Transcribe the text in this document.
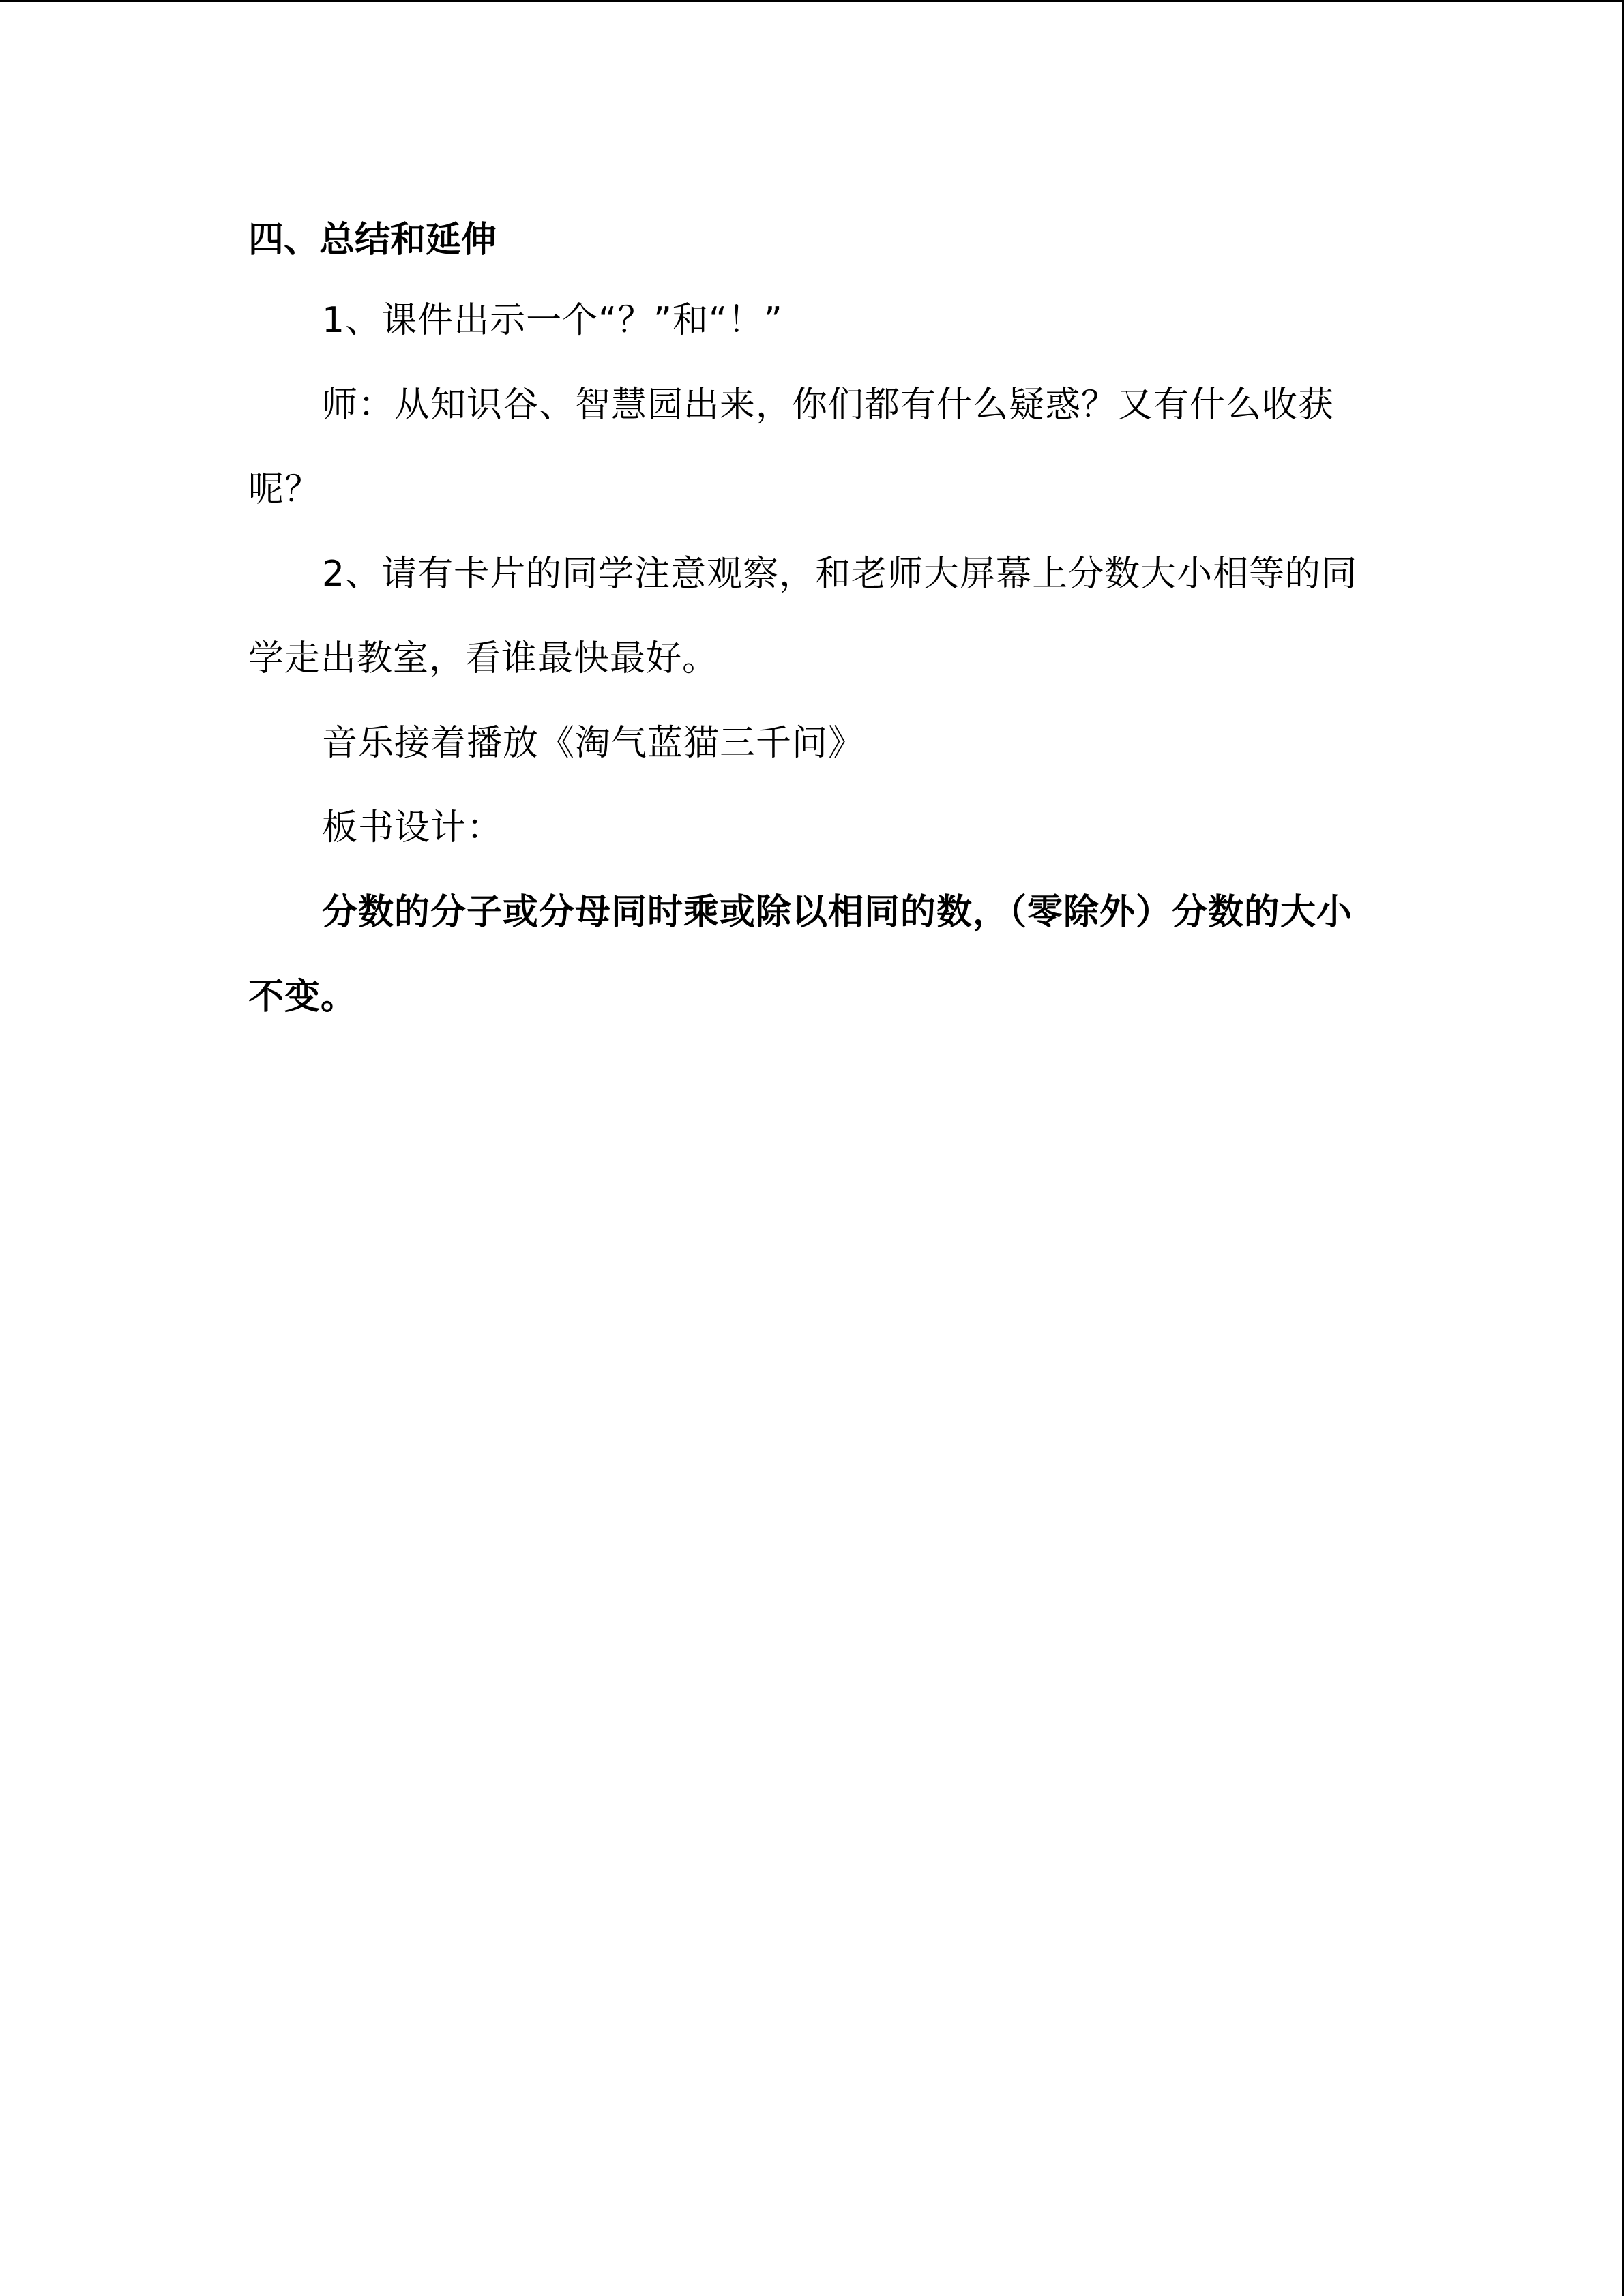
四、总结和延伸

1、课件出示一个“？”和“！”

师：从知识谷、智慧园出来，你们都有什么疑惑？又有什么收获呢？

2、请有卡片的同学注意观察，和老师大屏幕上分数大小相等的同学走出教室，看谁最快最好。

音乐接着播放《淘气蓝猫三千问》

板书设计：

分数的分子或分母同时乘或除以相同的数，（零除外）分数的大小不变。
